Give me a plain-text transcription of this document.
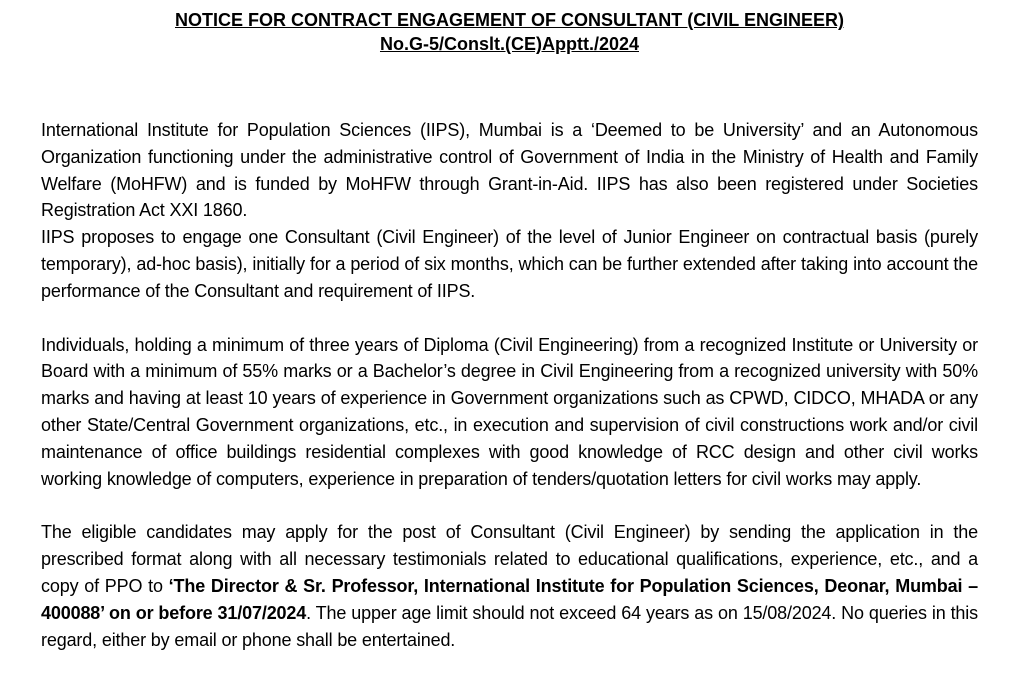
NOTICE FOR CONTRACT ENGAGEMENT OF CONSULTANT (CIVIL ENGINEER)

No.G-5/Conslt.(CE)Apptt./2024

International Institute for Population Sciences (IIPS), Mumbai is a ‘Deemed to be University’ and an Autonomous Organization functioning under the administrative control of Government of India in the Ministry of Health and Family Welfare (MoHFW) and is funded by MoHFW through Grant-in-Aid. IIPS has also been registered under Societies Registration Act XXI 1860.

IIPS proposes to engage one Consultant (Civil Engineer) of the level of Junior Engineer on contractual basis (purely temporary), ad-hoc basis), initially for a period of six months, which can be further extended after taking into account the performance of the Consultant and requirement of IIPS.

Individuals, holding a minimum of three years of Diploma (Civil Engineering) from a recognized Institute or University or Board with a minimum of 55% marks or a Bachelor’s degree in Civil Engineering from a recognized university with 50% marks and having at least 10 years of experience in Government organizations such as CPWD, CIDCO, MHADA or any other State/Central Government organizations, etc., in execution and supervision of civil constructions work and/or civil maintenance of office buildings residential complexes with good knowledge of RCC design and other civil works working knowledge of computers, experience in preparation of tenders/quotation letters for civil works may apply.

The eligible candidates may apply for the post of Consultant (Civil Engineer) by sending the application in the prescribed format along with all necessary testimonials related to educational qualifications, experience, etc., and a copy of PPO to ‘The Director & Sr. Professor, International Institute for Population Sciences, Deonar, Mumbai – 400088’ on or before 31/07/2024. The upper age limit should not exceed 64 years as on 15/08/2024. No queries in this regard, either by email or phone shall be entertained.
